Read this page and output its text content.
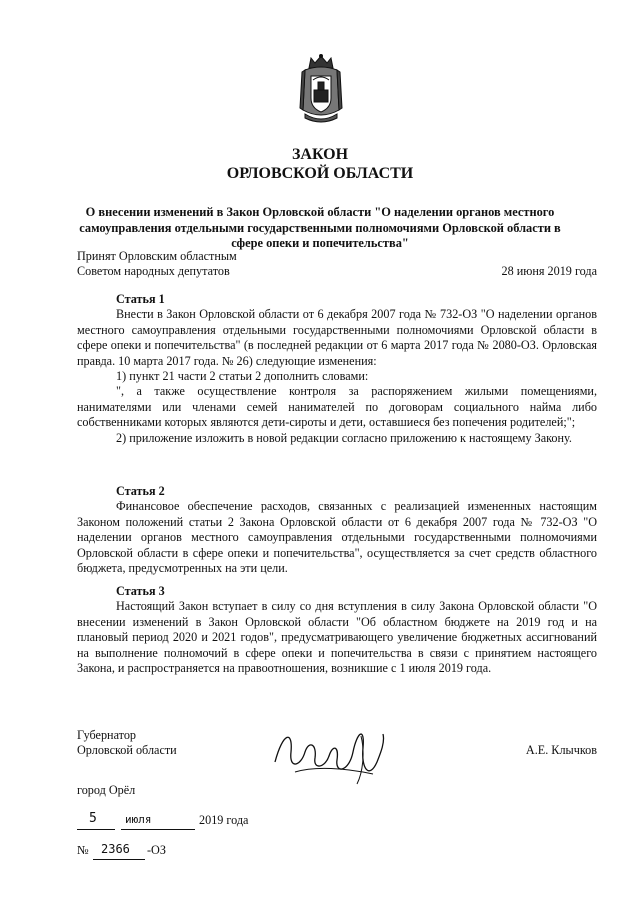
ЗАКОН
ОРЛОВСКОЙ ОБЛАСТИ
О внесении изменений в Закон Орловской области "О наделении органов местного самоуправления отдельными государственными полномочиями Орловской области в сфере опеки и попечительства"
Принят Орловским областным
Советом народных депутатов	28 июня 2019 года

Статья 1

Внести в Закон Орловской области от 6 декабря 2007 года № 732-ОЗ "О наделении органов местного самоуправления отдельными государственными полномочиями Орловской области в сфере опеки и попечительства" (в последней редакции от 6 марта 2017 года № 2080-ОЗ. Орловская правда. 10 марта 2017 года. № 26) следующие изменения:

1) пункт 21 части 2 статьи 2 дополнить словами:

", а также осуществление контроля за распоряжением жилыми помещениями, нанимателями или членами семей нанимателей по договорам социального найма либо собственниками которых являются дети-сироты и дети, оставшиеся без попечения родителей;";

2) приложение изложить в новой редакции согласно приложению к настоящему Закону.

Статья 2

Финансовое обеспечение расходов, связанных с реализацией измененных настоящим Законом положений статьи 2 Закона Орловской области от 6 декабря 2007 года № 732-ОЗ "О наделении органов местного самоуправления отдельными государственными полномочиями Орловской области в сфере опеки и попечительства", осуществляется за счет средств областного бюджета, предусмотренных на эти цели.

Статья 3

Настоящий Закон вступает в силу со дня вступления в силу Закона Орловской области "О внесении изменений в Закон Орловской области "Об областном бюджете на 2019 год и на плановый период 2020 и 2021 годов", предусматривающего увеличение бюджетных ассигнований на выполнение полномочий в сфере опеки и попечительства в связи с принятием настоящего Закона, и распространяется на правоотношения, возникшие с 1 июля 2019 года.

Губернатор
Орловской области	А.Е. Клычков
город Орёл
5	июля	2019 года
№ 2366 -ОЗ
